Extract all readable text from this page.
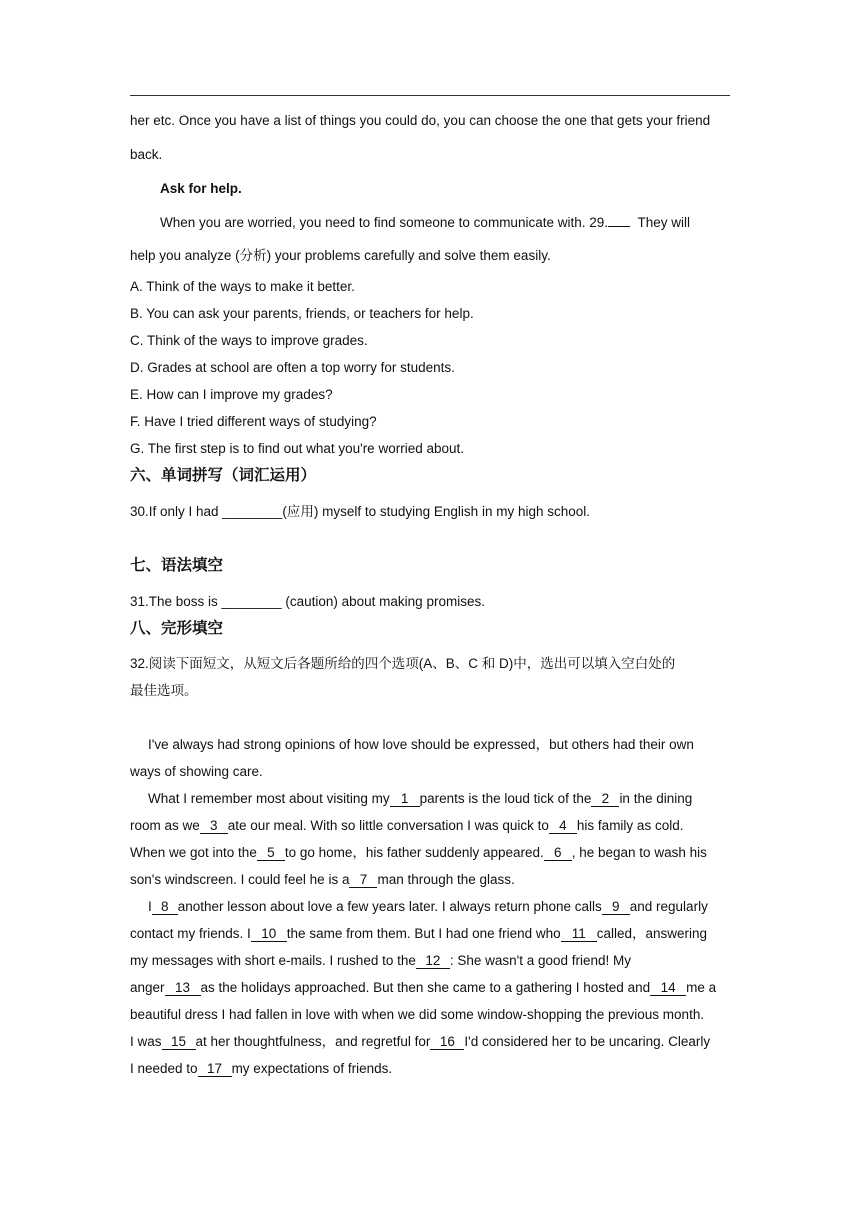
her etc. Once you have a list of things you could do, you can choose the one that gets your friend
back.
Ask for help.
When you are worried, you need to find someone to communicate with. 29. They will
help you analyze (分析) your problems carefully and solve them easily.
A. Think of the ways to make it better.
B. You can ask your parents, friends, or teachers for help.
C. Think of the ways to improve grades.
D. Grades at school are often a top worry for students.
E. How can I improve my grades?
F. Have I tried different ways of studying?
G. The first step is to find out what you're worried about.
六、单词拼写（词汇运用）
30.If only I had ________(应用) myself to studying English in my high school.
七、语法填空
31.The boss is ________ (caution) about making promises.
八、完形填空
32.阅读下面短文，从短文后各题所给的四个选项(A、B、C 和 D)中，选出可以填入空白处的
最佳选项。
I've always had strong opinions of how love should be expressed，but others had their own
ways of showing care.
What I remember most about visiting my 1 parents is the loud tick of the 2 in the dining
room as we 3 ate our meal. With so little conversation I was quick to 4 his family as cold.
When we got into the 5 to go home，his father suddenly appeared. 6 , he began to wash his
son's windscreen. I could feel he is a 7 man through the glass.
I 8 another lesson about love a few years later. I always return phone calls 9 and regularly
contact my friends. I 10 the same from them. But I had one friend who 11 called，answering
my messages with short e-mails. I rushed to the 12 : She wasn't a good friend! My
anger 13 as the holidays approached. But then she came to a gathering I hosted and 14 me a
beautiful dress I had fallen in love with when we did some window-shopping the previous month.
I was 15 at her thoughtfulness，and regretful for 16 I'd considered her to be uncaring. Clearly
I needed to 17 my expectations of friends.
